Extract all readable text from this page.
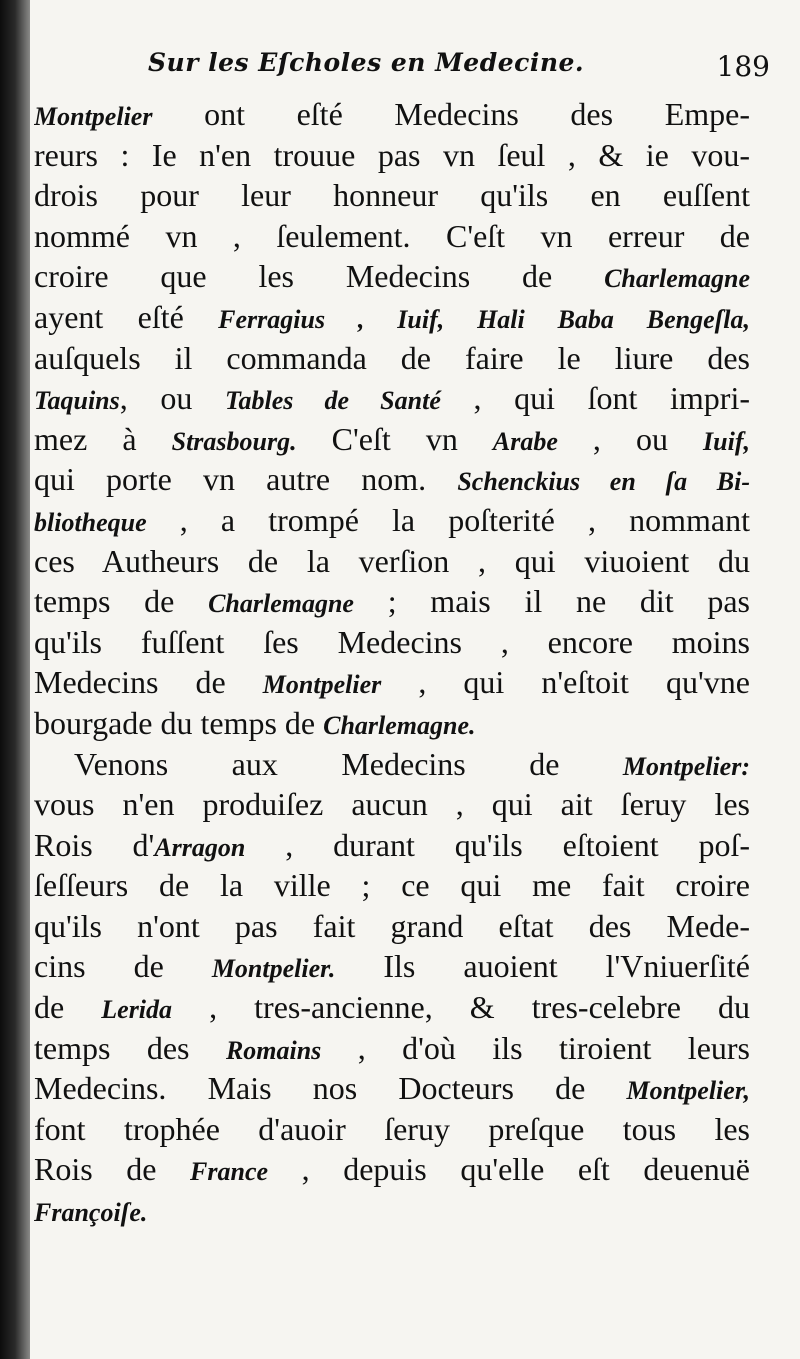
Sur les Eſcholes en Medecine.	189
Montpelier ont eſté Medecins des Empe-
reurs : Ie n'en trouue pas vn ſeul , & ie vou-
drois pour leur honneur qu'ils en euſſent
nommé vn , ſeulement. C'eſt vn erreur de
croire que les Medecins de Charlemagne
ayent eſté Ferragius , Iuif, Hali Baba Bengeſla,
auſquels il commanda de faire le liure des
Taquins, ou Tables de Santé , qui ſont impri-
mez à Strasbourg. C'eſt vn Arabe , ou Iuif,
qui porte vn autre nom. Schenckius en ſa Bi-
bliotheque , a trompé la poſterité , nommant
ces Autheurs de la verſion , qui viuoient du
temps de Charlemagne ; mais il ne dit pas
qu'ils fuſſent ſes Medecins , encore moins
Medecins de Montpelier , qui n'eſtoit qu'vne
bourgade du temps de Charlemagne.
Venons aux Medecins de Montpelier:
vous n'en produiſez aucun , qui ait ſeruy les
Rois d'Arragon , durant qu'ils eſtoient poſ-
ſeſſeurs de la ville ; ce qui me fait croire
qu'ils n'ont pas fait grand eſtat des Mede-
cins de Montpelier. Ils auoient l'Vniuerſité
de Lerida , tres-ancienne, & tres-celebre du
temps des Romains , d'où ils tiroient leurs
Medecins. Mais nos Docteurs de Montpelier,
font trophée d'auoir ſeruy preſque tous les
Rois de France , depuis qu'elle eſt deuenuë
Françoiſe.
